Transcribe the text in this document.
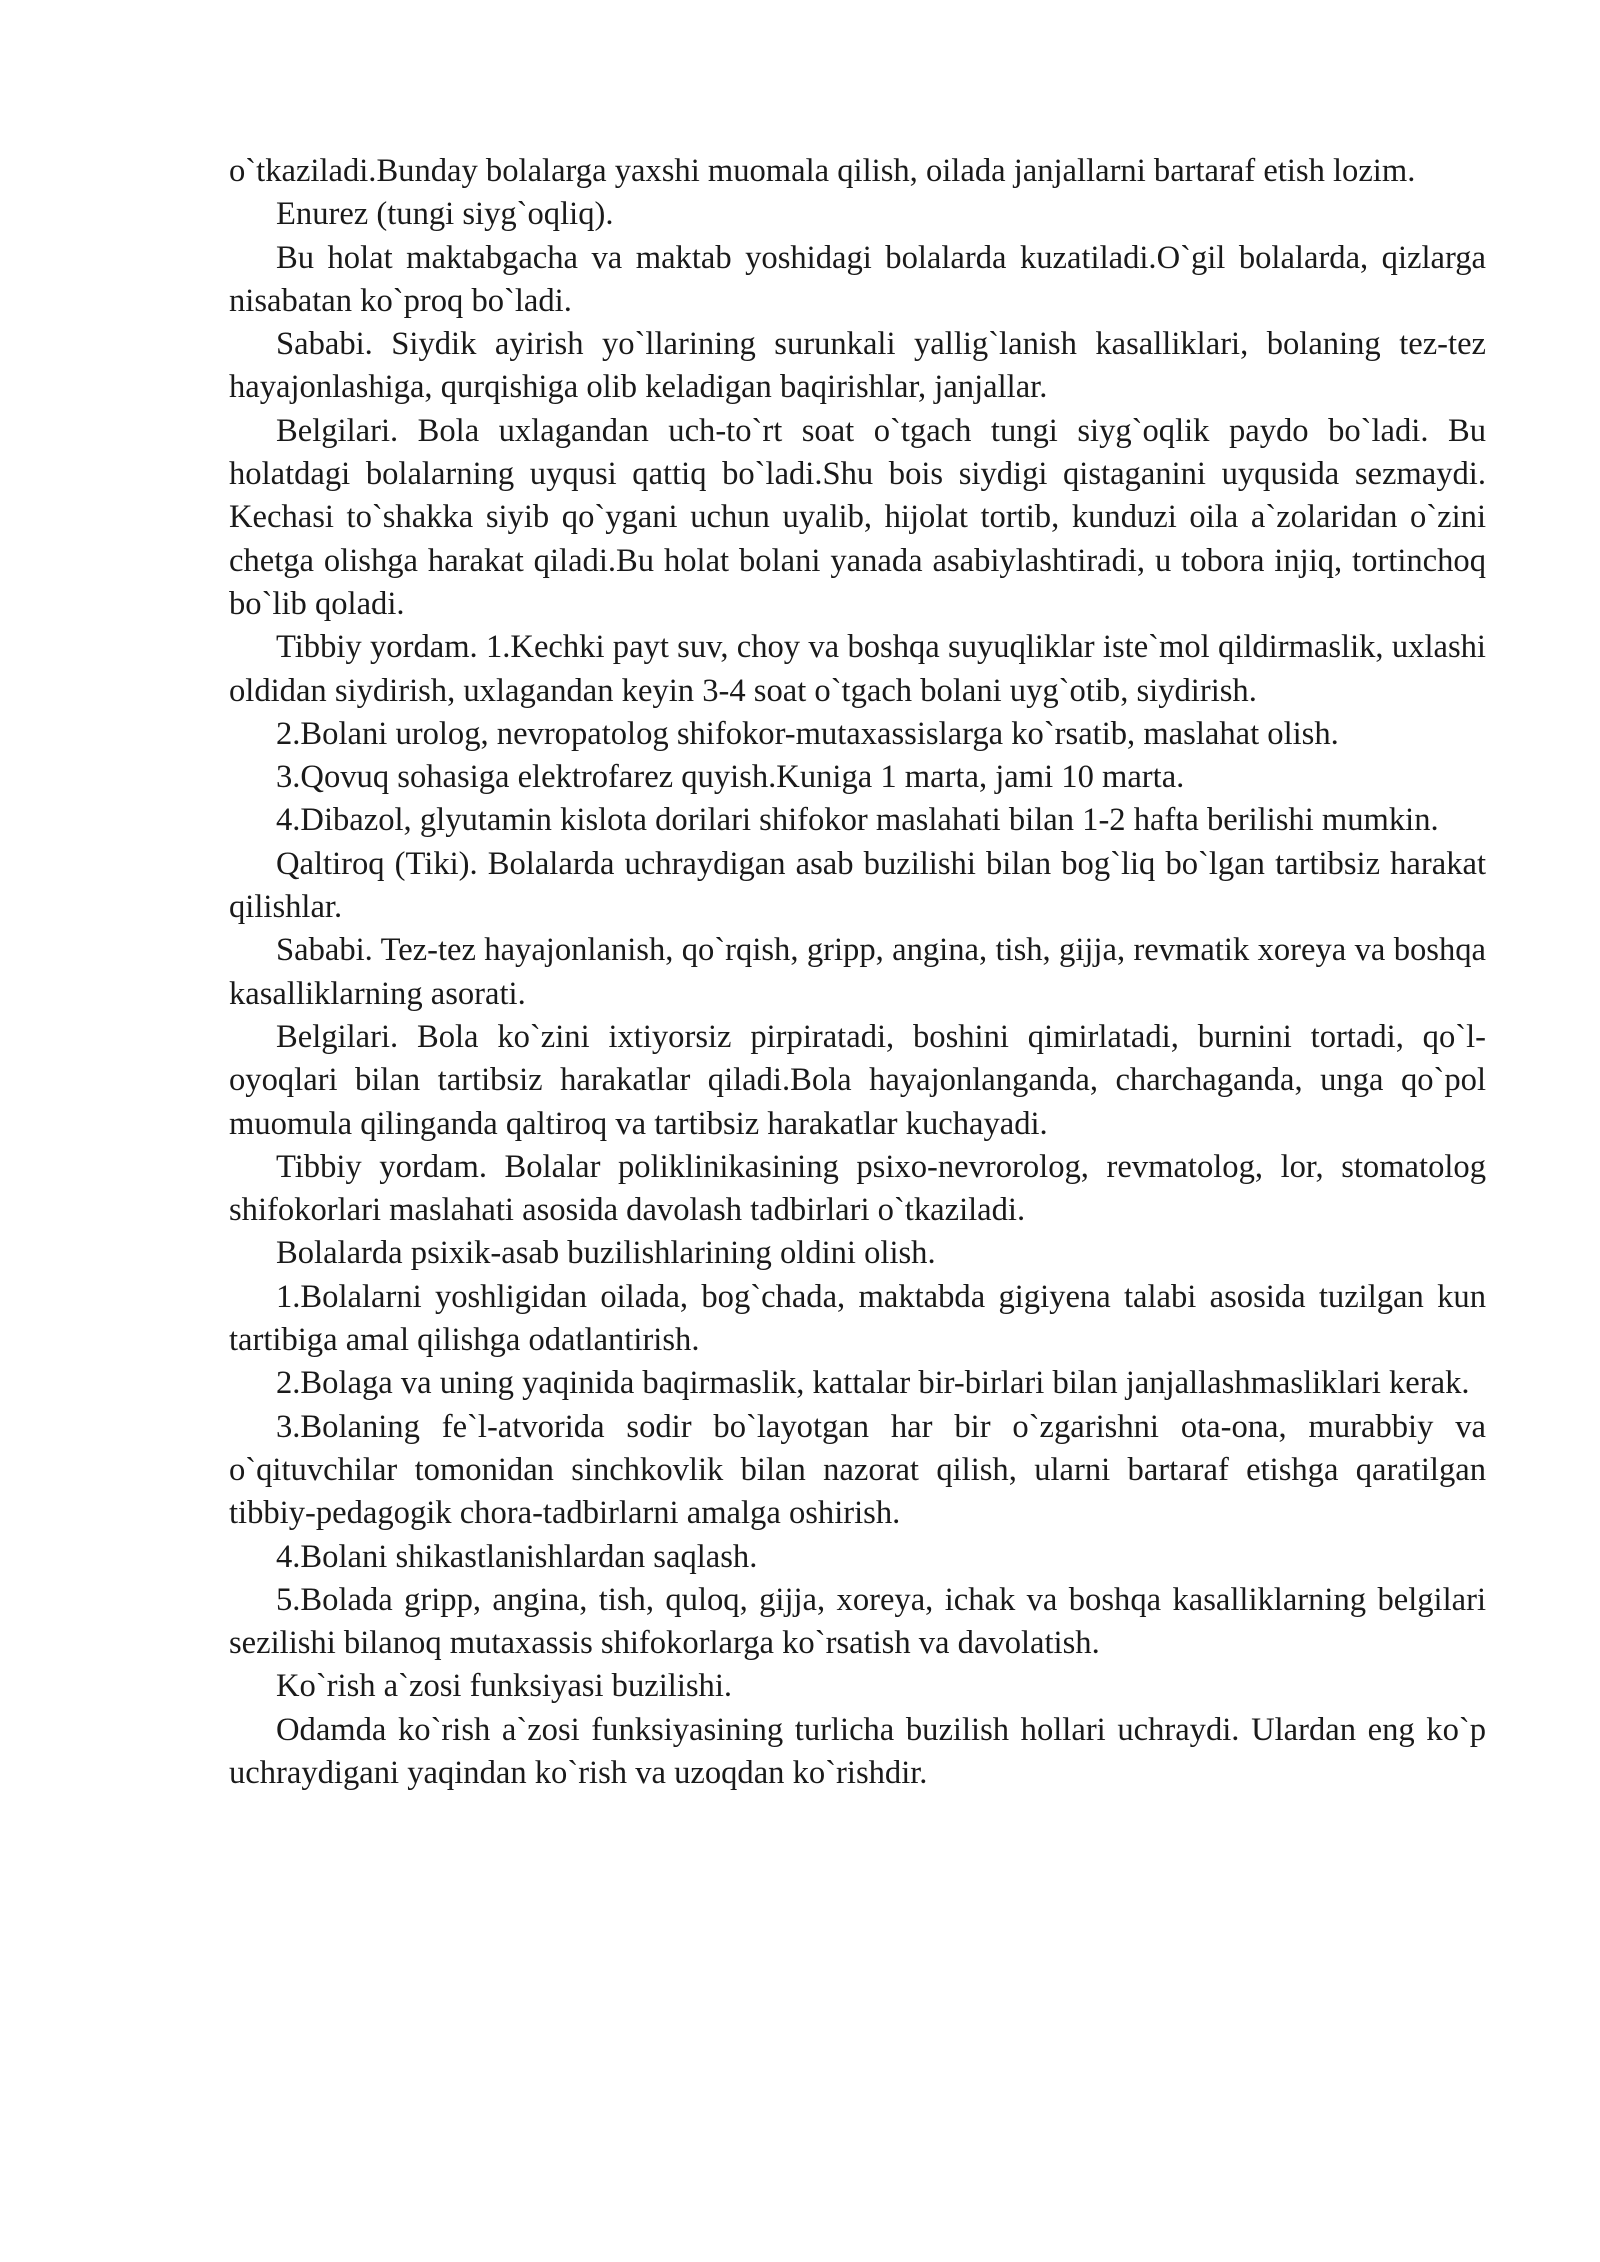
o`tkaziladi.Bunday bolalarga yaxshi muomala qilish, oilada janjallarni bartaraf etish lozim.

Enurez (tungi siyg`oqliq).

Bu holat maktabgacha va maktab yoshidagi bolalarda kuzatiladi.O`gil bolalarda, qizlarga nisabatan ko`proq bo`ladi.

Sababi. Siydik ayirish yo`llarining surunkali yallig`lanish kasalliklari, bolaning tez-tez hayajonlashiga, qurqishiga olib keladigan baqirishlar, janjallar.

Belgilari. Bola uxlagandan uch-to`rt soat o`tgach tungi siyg`oqlik paydo bo`ladi. Bu holatdagi bolalarning uyqusi qattiq bo`ladi.Shu bois siydigi qistaganini uyqusida sezmaydi. Kechasi to`shakka siyib qo`ygani uchun uyalib, hijolat tortib, kunduzi oila a`zolaridan o`zini chetga olishga harakat qiladi.Bu holat bolani yanada asabiylashtiradi, u tobora injiq, tortinchoq bo`lib qoladi.

Tibbiy yordam. 1.Kechki payt suv, choy va boshqa suyuqliklar iste`mol qildirmaslik, uxlashi oldidan siydirish, uxlagandan keyin 3-4 soat o`tgach bolani uyg`otib, siydirish.

2.Bolani urolog, nevropatolog shifokor-mutaxassislarga ko`rsatib, maslahat olish.

3.Qovuq sohasiga elektrofarez quyish.Kuniga 1 marta, jami 10 marta.

4.Dibazol, glyutamin kislota dorilari shifokor maslahati bilan 1-2 hafta berilishi mumkin.

Qaltiroq (Tiki). Bolalarda uchraydigan asab buzilishi bilan bog`liq bo`lgan tartibsiz harakat qilishlar.

Sababi. Tez-tez hayajonlanish, qo`rqish, gripp, angina, tish, gijja, revmatik xoreya va boshqa kasalliklarning asorati.

Belgilari. Bola ko`zini ixtiyorsiz pirpiratadi, boshini qimirlatadi, burnini tortadi, qo`l-oyoqlari bilan tartibsiz harakatlar qiladi.Bola hayajonlanganda, charchaganda, unga qo`pol muomula qilinganda qaltiroq va tartibsiz harakatlar kuchayadi.

Tibbiy yordam. Bolalar poliklinikasining psixo-nevrorolog, revmatolog, lor, stomatolog shifokorlari maslahati asosida davolash tadbirlari o`tkaziladi.

Bolalarda psixik-asab buzilishlarining oldini olish.

1.Bolalarni yoshligidan oilada, bog`chada, maktabda gigiyena talabi asosida tuzilgan kun tartibiga amal qilishga odatlantirish.

2.Bolaga va uning yaqinida baqirmaslik, kattalar bir-birlari bilan janjallashmasliklari kerak.

3.Bolaning fe`l-atvorida sodir bo`layotgan har bir o`zgarishni ota-ona, murabbiy va o`qituvchilar tomonidan sinchkovlik bilan nazorat qilish, ularni bartaraf etishga qaratilgan tibbiy-pedagogik chora-tadbirlarni amalga oshirish.

4.Bolani shikastlanishlardan saqlash.

5.Bolada gripp, angina, tish, quloq, gijja, xoreya, ichak va boshqa kasalliklarning belgilari sezilishi bilanoq mutaxassis shifokorlarga ko`rsatish va davolatish.

Ko`rish a`zosi funksiyasi buzilishi.

Odamda ko`rish a`zosi funksiyasining turlicha buzilish hollari uchraydi. Ulardan eng ko`p uchraydigani yaqindan ko`rish va uzoqdan ko`rishdir.
